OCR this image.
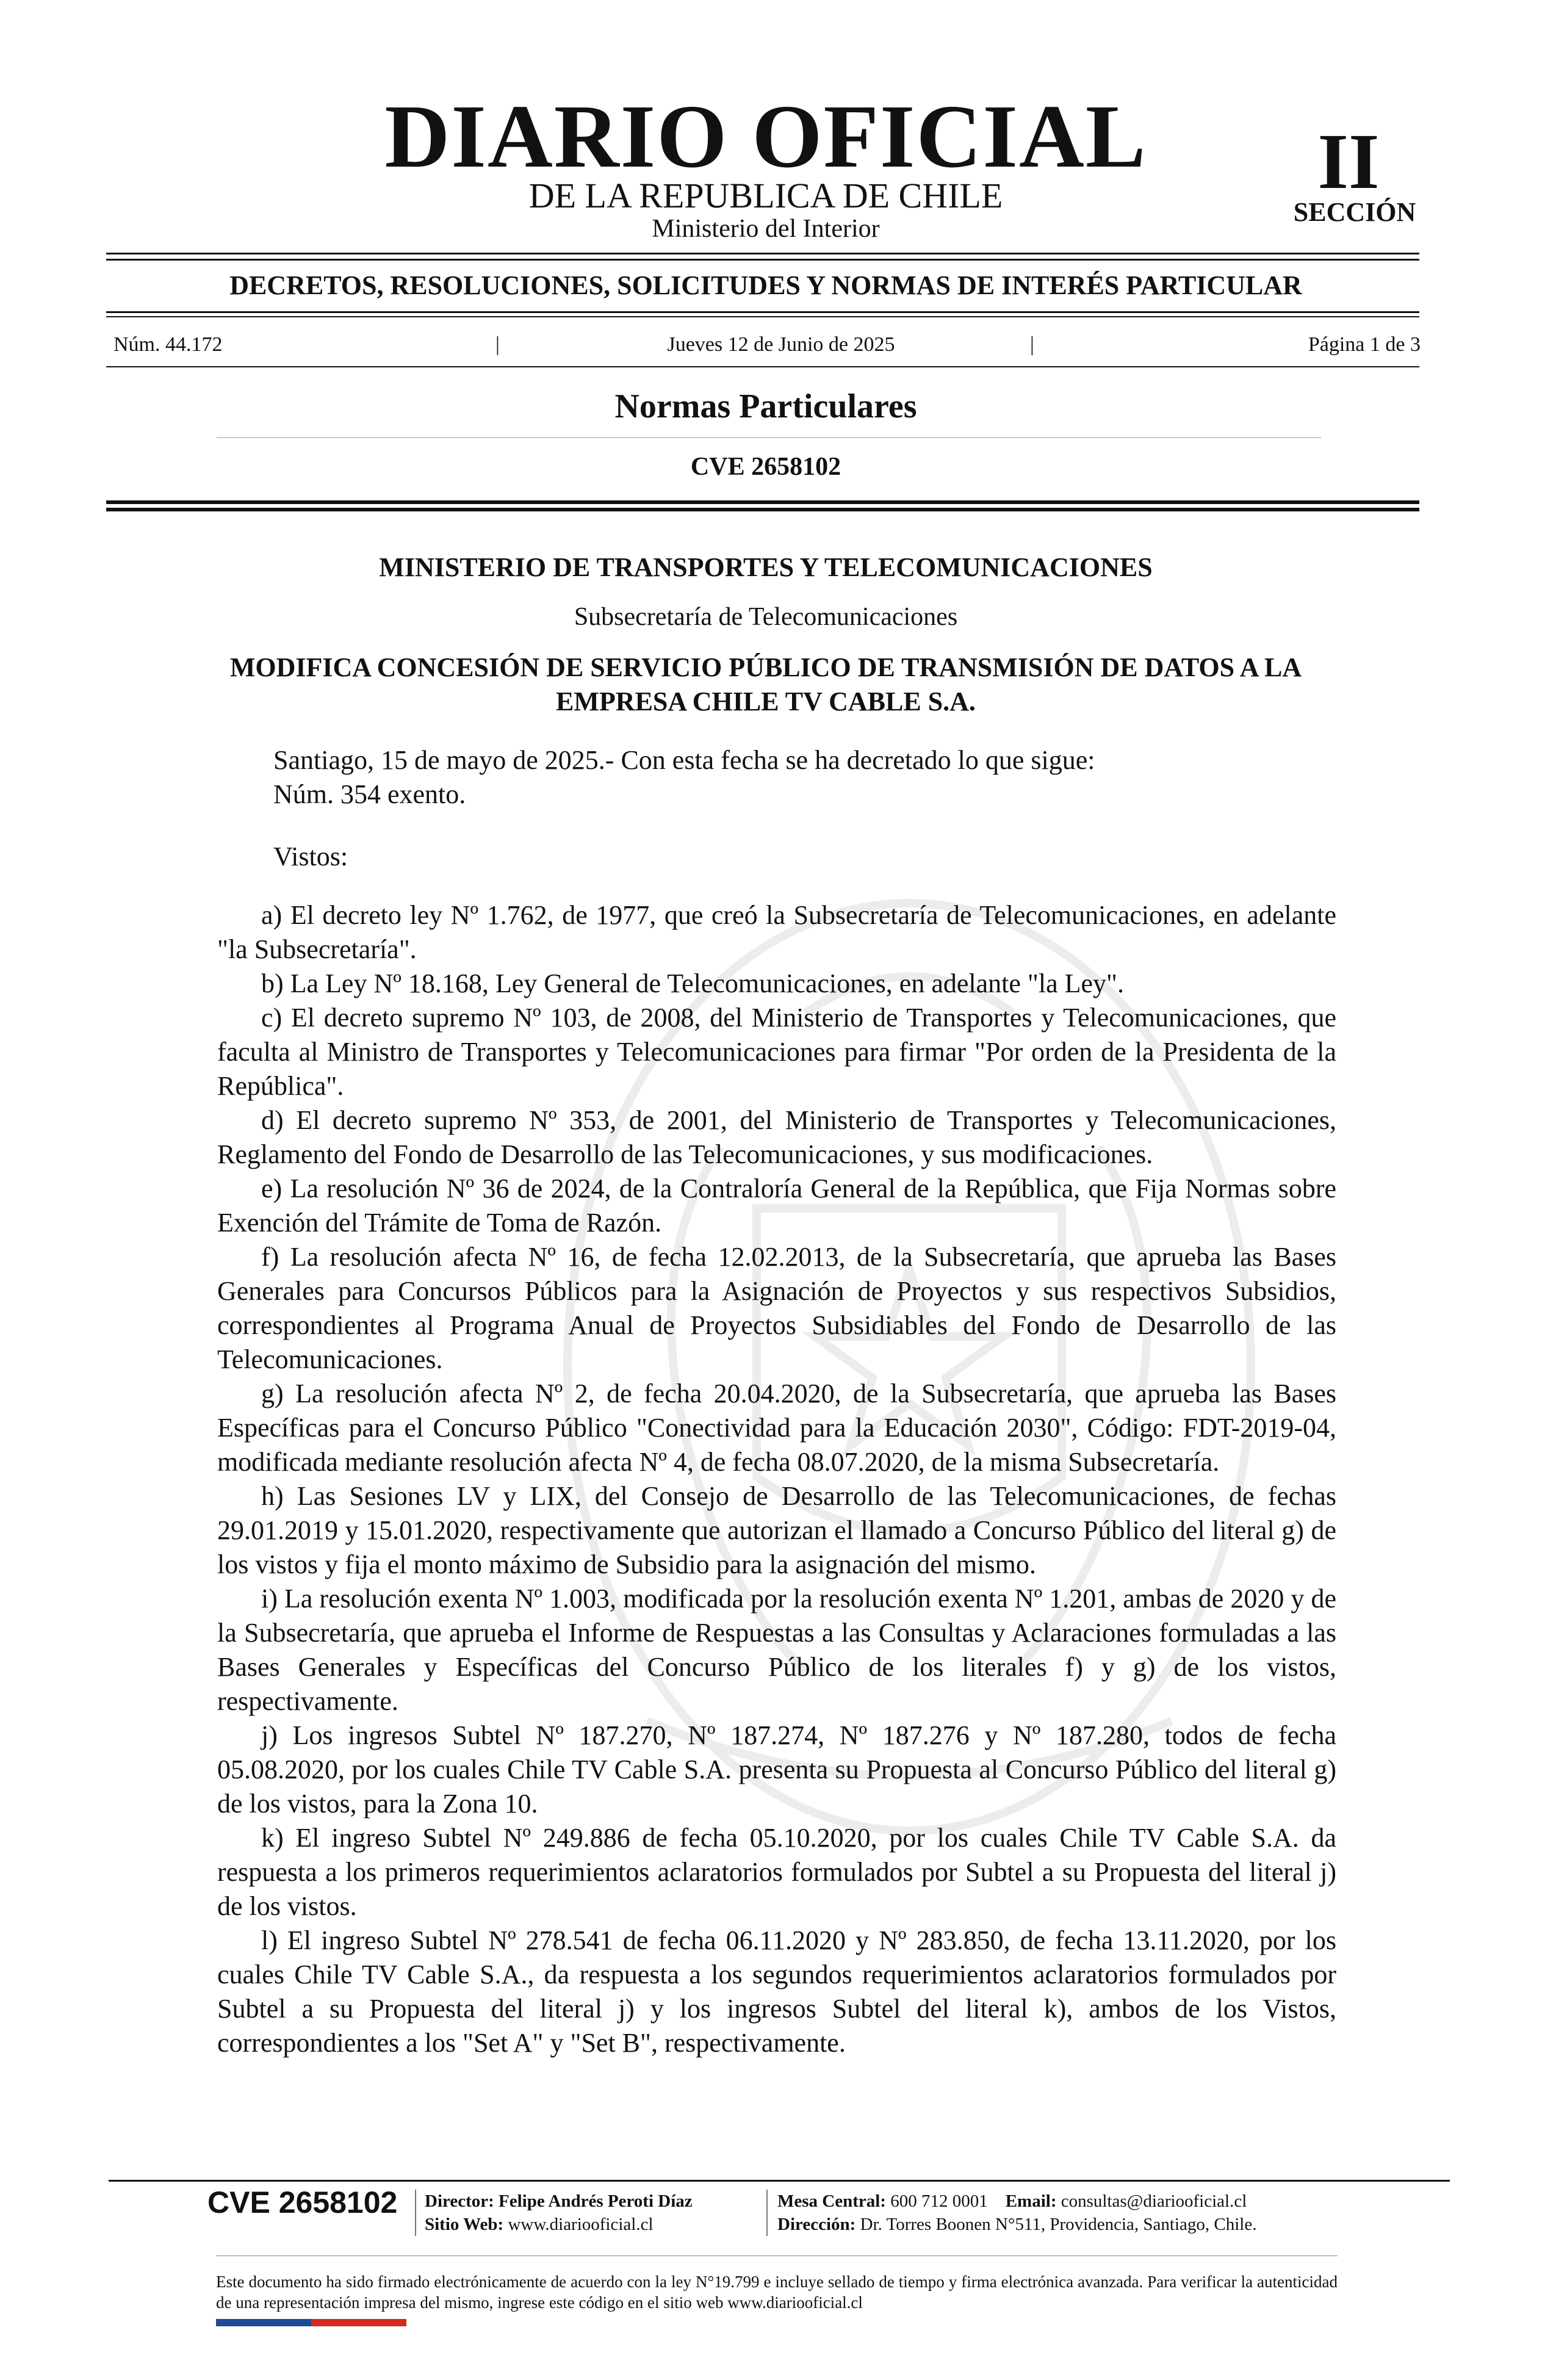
DIARIO OFICIAL
DE LA REPUBLICA DE CHILE
Ministerio del Interior
II
SECCIÓN
DECRETOS, RESOLUCIONES, SOLICITUDES Y NORMAS DE INTERÉS PARTICULAR
Núm. 44.172	|	Jueves 12 de Junio de 2025	|	Página 1 de 3
Normas Particulares
CVE 2658102
MINISTERIO DE TRANSPORTES Y TELECOMUNICACIONES
Subsecretaría de Telecomunicaciones
MODIFICA CONCESIÓN DE SERVICIO PÚBLICO DE TRANSMISIÓN DE DATOS A LA EMPRESA CHILE TV CABLE S.A.
Santiago, 15 de mayo de 2025.- Con esta fecha se ha decretado lo que sigue:
Núm. 354 exento.
Vistos:

a) El decreto ley Nº 1.762, de 1977, que creó la Subsecretaría de Telecomunicaciones, en adelante "la Subsecretaría".

b) La Ley Nº 18.168, Ley General de Telecomunicaciones, en adelante "la Ley".

c) El decreto supremo Nº 103, de 2008, del Ministerio de Transportes y Telecomunicaciones, que faculta al Ministro de Transportes y Telecomunicaciones para firmar "Por orden de la Presidenta de la República".

d) El decreto supremo Nº 353, de 2001, del Ministerio de Transportes y Telecomunicaciones, Reglamento del Fondo de Desarrollo de las Telecomunicaciones, y sus modificaciones.

e) La resolución Nº 36 de 2024, de la Contraloría General de la República, que Fija Normas sobre Exención del Trámite de Toma de Razón.

f) La resolución afecta Nº 16, de fecha 12.02.2013, de la Subsecretaría, que aprueba las Bases Generales para Concursos Públicos para la Asignación de Proyectos y sus respectivos Subsidios, correspondientes al Programa Anual de Proyectos Subsidiables del Fondo de Desarrollo de las Telecomunicaciones.

g) La resolución afecta Nº 2, de fecha 20.04.2020, de la Subsecretaría, que aprueba las Bases Específicas para el Concurso Público "Conectividad para la Educación 2030", Código: FDT-2019-04, modificada mediante resolución afecta Nº 4, de fecha 08.07.2020, de la misma Subsecretaría.

h) Las Sesiones LV y LIX, del Consejo de Desarrollo de las Telecomunicaciones, de fechas 29.01.2019 y 15.01.2020, respectivamente que autorizan el llamado a Concurso Público del literal g) de los vistos y fija el monto máximo de Subsidio para la asignación del mismo.

i) La resolución exenta Nº 1.003, modificada por la resolución exenta Nº 1.201, ambas de 2020 y de la Subsecretaría, que aprueba el Informe de Respuestas a las Consultas y Aclaraciones formuladas a las Bases Generales y Específicas del Concurso Público de los literales f) y g) de los vistos, respectivamente.

j) Los ingresos Subtel Nº 187.270, Nº 187.274, Nº 187.276 y Nº 187.280, todos de fecha 05.08.2020, por los cuales Chile TV Cable S.A. presenta su Propuesta al Concurso Público del literal g) de los vistos, para la Zona 10.

k) El ingreso Subtel Nº 249.886 de fecha 05.10.2020, por los cuales Chile TV Cable S.A. da respuesta a los primeros requerimientos aclaratorios formulados por Subtel a su Propuesta del literal j) de los vistos.

l) El ingreso Subtel Nº 278.541 de fecha 06.11.2020 y Nº 283.850, de fecha 13.11.2020, por los cuales Chile TV Cable S.A., da respuesta a los segundos requerimientos aclaratorios formulados por Subtel a su Propuesta del literal j) y los ingresos Subtel del literal k), ambos de los Vistos, correspondientes a los "Set A" y "Set B", respectivamente.

CVE 2658102 Director: Felipe Andrés Peroti Díaz
Sitio Web: www.diariooficial.cl
Mesa Central: 600 712 0001 Email: consultas@diariooficial.cl
Dirección: Dr. Torres Boonen N°511, Providencia, Santiago, Chile.
Este documento ha sido firmado electrónicamente de acuerdo con la ley N°19.799 e incluye sellado de tiempo y firma electrónica avanzada. Para verificar la autenticidad de una representación impresa del mismo, ingrese este código en el sitio web www.diariooficial.cl
